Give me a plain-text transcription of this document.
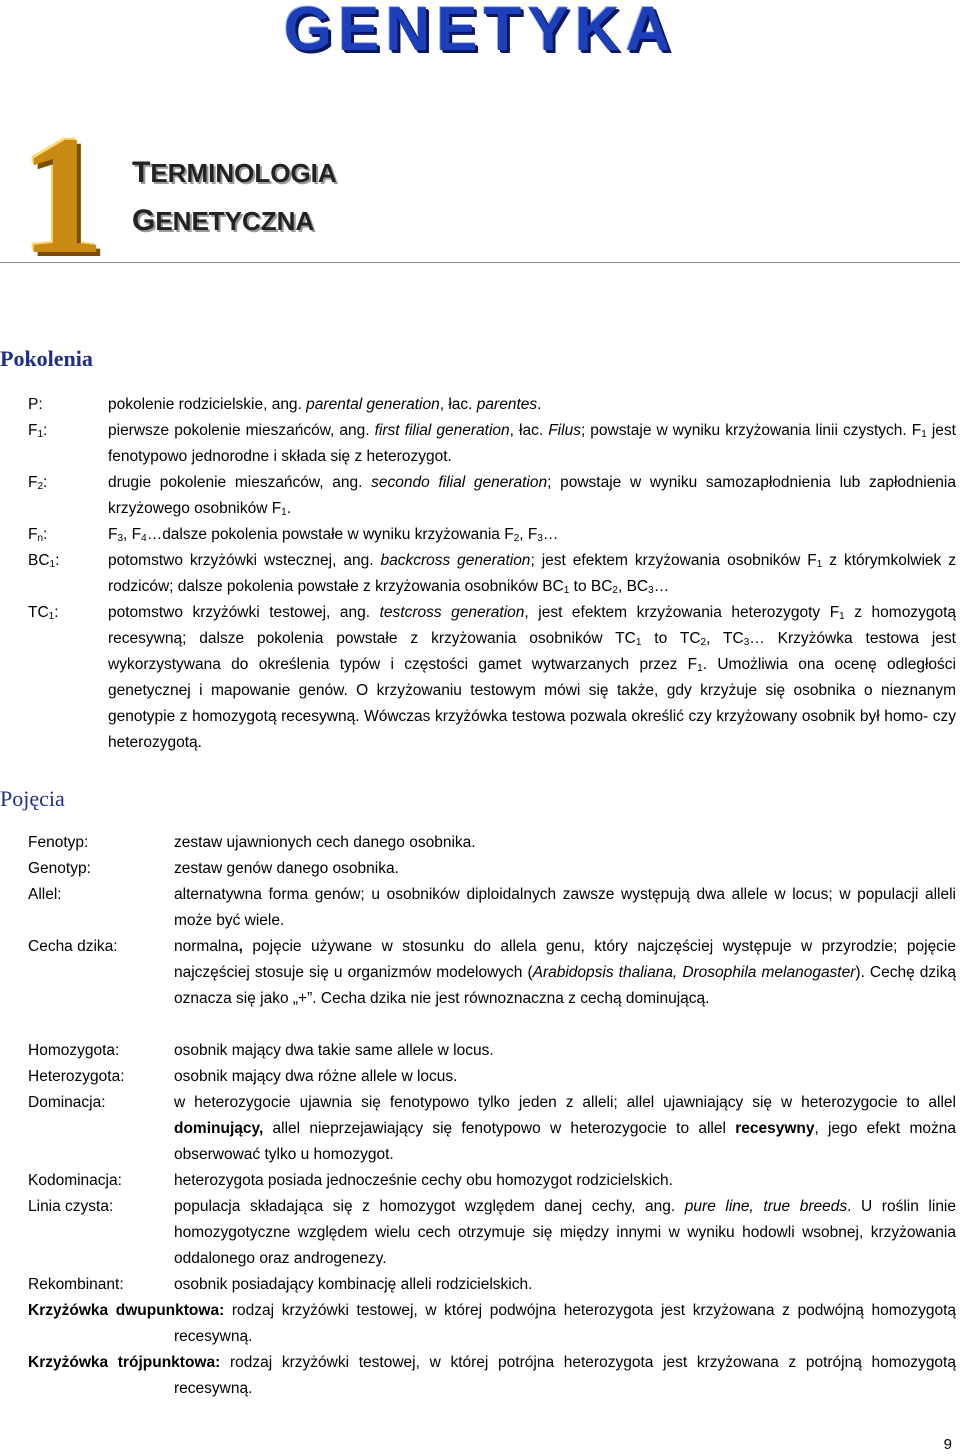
GENETYKA
1 TERMINOLOGIA
GENETYCZNA
Pokolenia
P:	pokolenie rodzicielskie, ang. parental generation, łac. parentes.
$F_1$:	pierwsze pokolenie mieszańców, ang. first filial generation, łac. Filus; powstaje w wyniku krzyżowania linii czystych. $F_1$ jest fenotypowo jednorodne i składa się z heterozygot.
$F_2$:	drugie pokolenie mieszańców, ang. secondo filial generation; powstaje w wyniku samozapłodnienia lub zapłodnienia krzyżowego osobników $F_1$.
$F_n$:	$F_3$, $F_4\dots dalsze$ pokolenia powstałe w wyniku krzyżowania $F_2$, $F_3\dots$
$BC_1$:	potomstwo krzyżówki wstecznej, ang. backcross generation; jest efektem krzyżowania osobników $F_1$ z którymkolwiek z rodziców; dalsze pokolenia powstałe z krzyżowania osobników $BC_1$ to $BC_2$, $BC_3\dots$
$TC_1$:	potomstwo krzyżówki testowej, ang. testcross generation, jest efektem krzyżowania heterozygoty $F_1$ z homozygotą recesywną; dalsze pokolenia powstałe z krzyżowania osobników $TC_1$ to $TC_2$, $TC_3\dots$ Krzyżówka testowa jest wykorzystywana do określenia typów i częstości gamet wytwarzanych przez $F_1$. Umożliwia ona ocenę odległości genetycznej i mapowanie genów. O krzyżowaniu testowym mówi się także, gdy krzyżuje się osobnika o nieznanym genotypie z homozygotą recesywną. Wówczas krzyżówka testowa pozwala określić czy krzyżowany osobnik był homo- czy heterozygotą.
Pojęcia
Fenotyp:	zestaw ujawnionych cech danego osobnika.
Genotyp:	zestaw genów danego osobnika.
Allel:	alternatywna forma genów; u osobników diploidalnych zawsze występują dwa allele w locus; w populacji alleli może być wiele.
Cecha dzika:	normalna, pojęcie używane w stosunku do allela genu, który najczęściej występuje w przyrodzie; pojęcie najczęściej stosuje się u organizmów modelowych (Arabidopsis thaliana, Drosophila melanogaster). Cechę dziką oznacza się jako „+”. Cecha dzika nie jest równoznaczna z cechą dominującą.
Homozygota:	osobnik mający dwa takie same allele w locus.
Heterozygota:	osobnik mający dwa różne allele w locus.
Dominacja:	w heterozygocie ujawnia się fenotypowo tylko jeden z alleli; allel ujawniający się w heterozygocie to allel dominujący, allel nieprzejawiający się fenotypowo w heterozygocie to allel recesywny, jego efekt można obserwować tylko u homozygot.
Kodominacja:	heterozygota posiada jednocześnie cechy obu homozygot rodzicielskich.
Linia czysta:	populacja składająca się z homozygot względem danej cechy, ang. pure line, true breeds. U roślin linie homozygotyczne względem wielu cech otrzymuje się między innymi w wyniku hodowli wsobnej, krzyżowania oddalonego oraz androgenezy.
Rekombinant:	osobnik posiadający kombinację alleli rodzicielskich.
Krzyżówka dwupunktowa: rodzaj krzyżówki testowej, w której podwójna heterozygota jest krzyżowana z podwójną homozygotą recesywną.
Krzyżówka trójpunktowa: rodzaj krzyżówki testowej, w której potrójna heterozygota jest krzyżowana z potrójną homozygotą recesywną.
9
